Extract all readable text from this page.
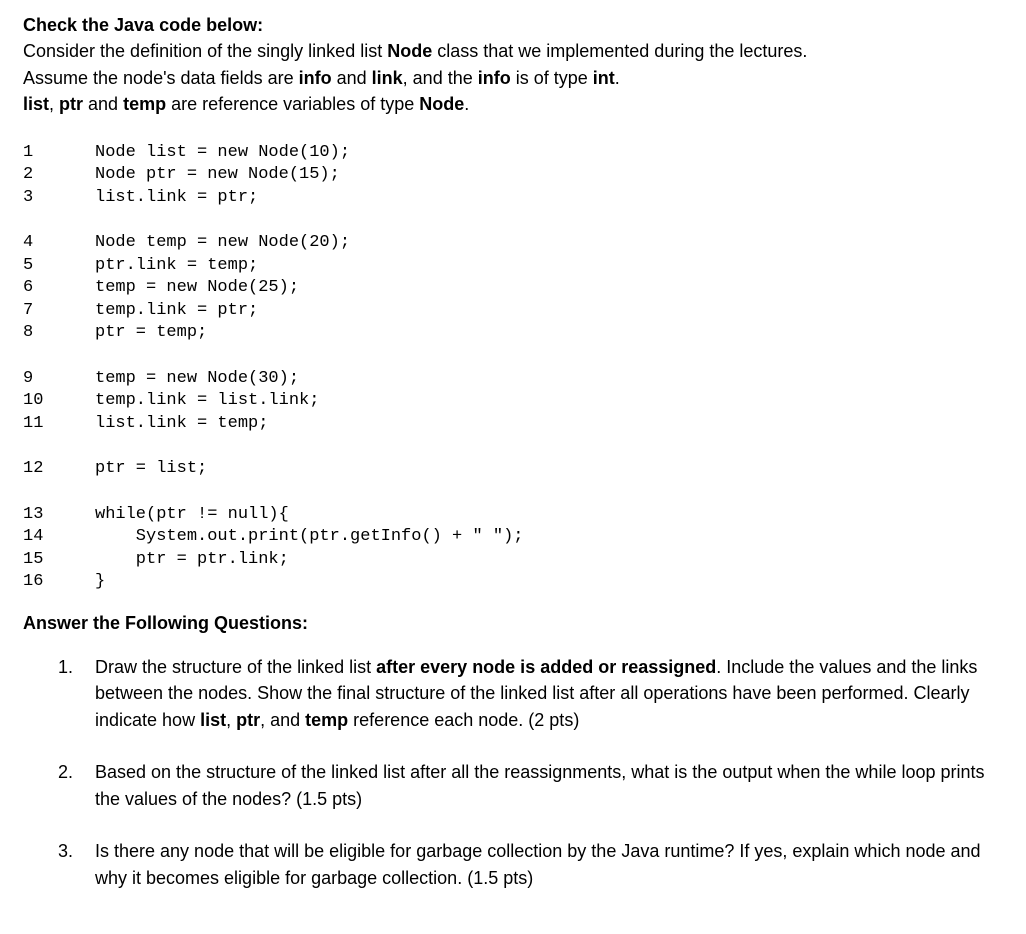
Check the Java code below:

Consider the definition of the singly linked list Node class that we implemented during the lectures.

Assume the node's data fields are info and link, and the info is of type int.

list, ptr and temp are reference variables of type Node.

1	Node list = new Node(10);
2	Node ptr = new Node(15);
3	list.link = ptr;
4	Node temp = new Node(20);
5	ptr.link = temp;
6	temp = new Node(25);
7	temp.link = ptr;
8	ptr = temp;
9	temp = new Node(30);
10	temp.link = list.link;
11	list.link = temp;
12	ptr = list;
13	while(ptr != null){
14	System.out.print(ptr.getInfo() + " ");
15	ptr = ptr.link;
16	}

Answer the Following Questions:

1. Draw the structure of the linked list after every node is added or reassigned. Include the values and the links between the nodes. Show the final structure of the linked list after all operations have been performed. Clearly indicate how list, ptr, and temp reference each node. (2 pts)
2. Based on the structure of the linked list after all the reassignments, what is the output when the while loop prints the values of the nodes? (1.5 pts)
3. Is there any node that will be eligible for garbage collection by the Java runtime? If yes, explain which node and why it becomes eligible for garbage collection. (1.5 pts)
